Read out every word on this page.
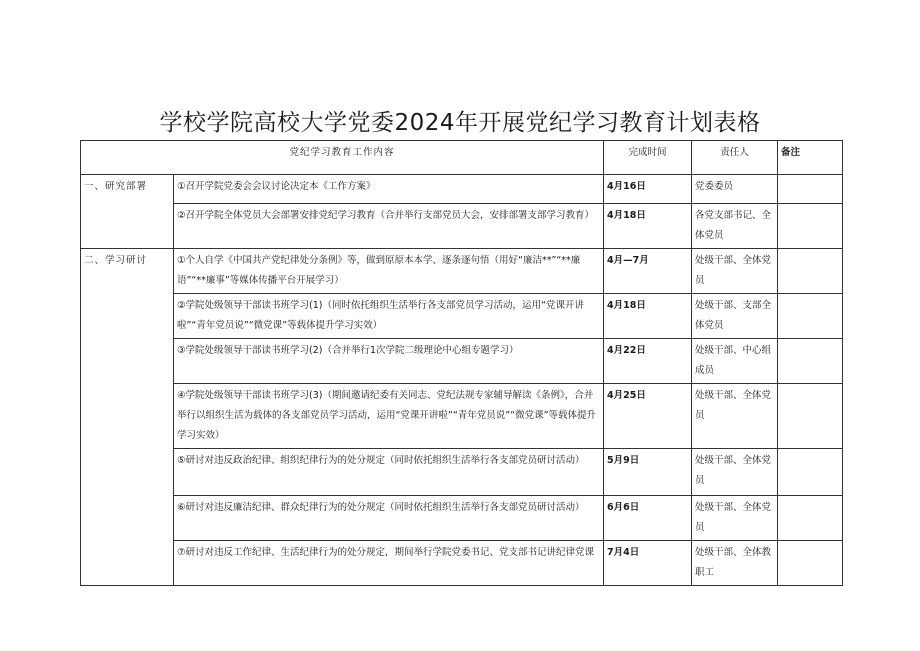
学校学院高校大学党委2024年开展党纪学习教育计划表格
党纪学习教育工作内容		完成时间	责任人	备注
一、研究部署	①召开学院党委会会议讨论决定本《工作方案》	4月16日	党委委员	
	②召开学院全体党员大会部署安排党纪学习教育（合并举行支部党员大会，安排部署支部学习教育）	4月18日	各党支部书记、全体党员	
二、学习研讨	①个人自学《中国共产党纪律处分条例》等，做到原原本本学、逐条逐句悟（用好“廉洁**”“**廉语”“**廉事”等媒体传播平台开展学习）	4月—7月	处级干部、全体党员	
	②学院处级领导干部读书班学习(1)（同时依托组织生活举行各支部党员学习活动，运用“党课开讲啦”“青年党员说”“微党课”等载体提升学习实效）	4月18日	处级干部、支部全体党员	
	③学院处级领导干部读书班学习(2)（合并举行1次学院二级理论中心组专题学习）	4月22日	处级干部、中心组成员	
	④学院处级领导干部读书班学习(3)（期间邀请纪委有关同志、党纪法规专家辅导解读《条例》，合并举行以组织生活为载体的各支部党员学习活动，运用“党课开讲啦”“青年党员说”“微党课”等载体提升学习实效）	4月25日	处级干部、全体党员	
	⑤研讨对违反政治纪律、组织纪律行为的处分规定（同时依托组织生活举行各支部党员研讨活动）	5月9日	处级干部、全体党员	
	⑥研讨对违反廉洁纪律、群众纪律行为的处分规定（同时依托组织生活举行各支部党员研讨活动）	6月6日	处级干部、全体党员	
	⑦研讨对违反工作纪律、生活纪律行为的处分规定，期间举行学院党委书记、党支部书记讲纪律党课	7月4日	处级干部、全体教职工	
